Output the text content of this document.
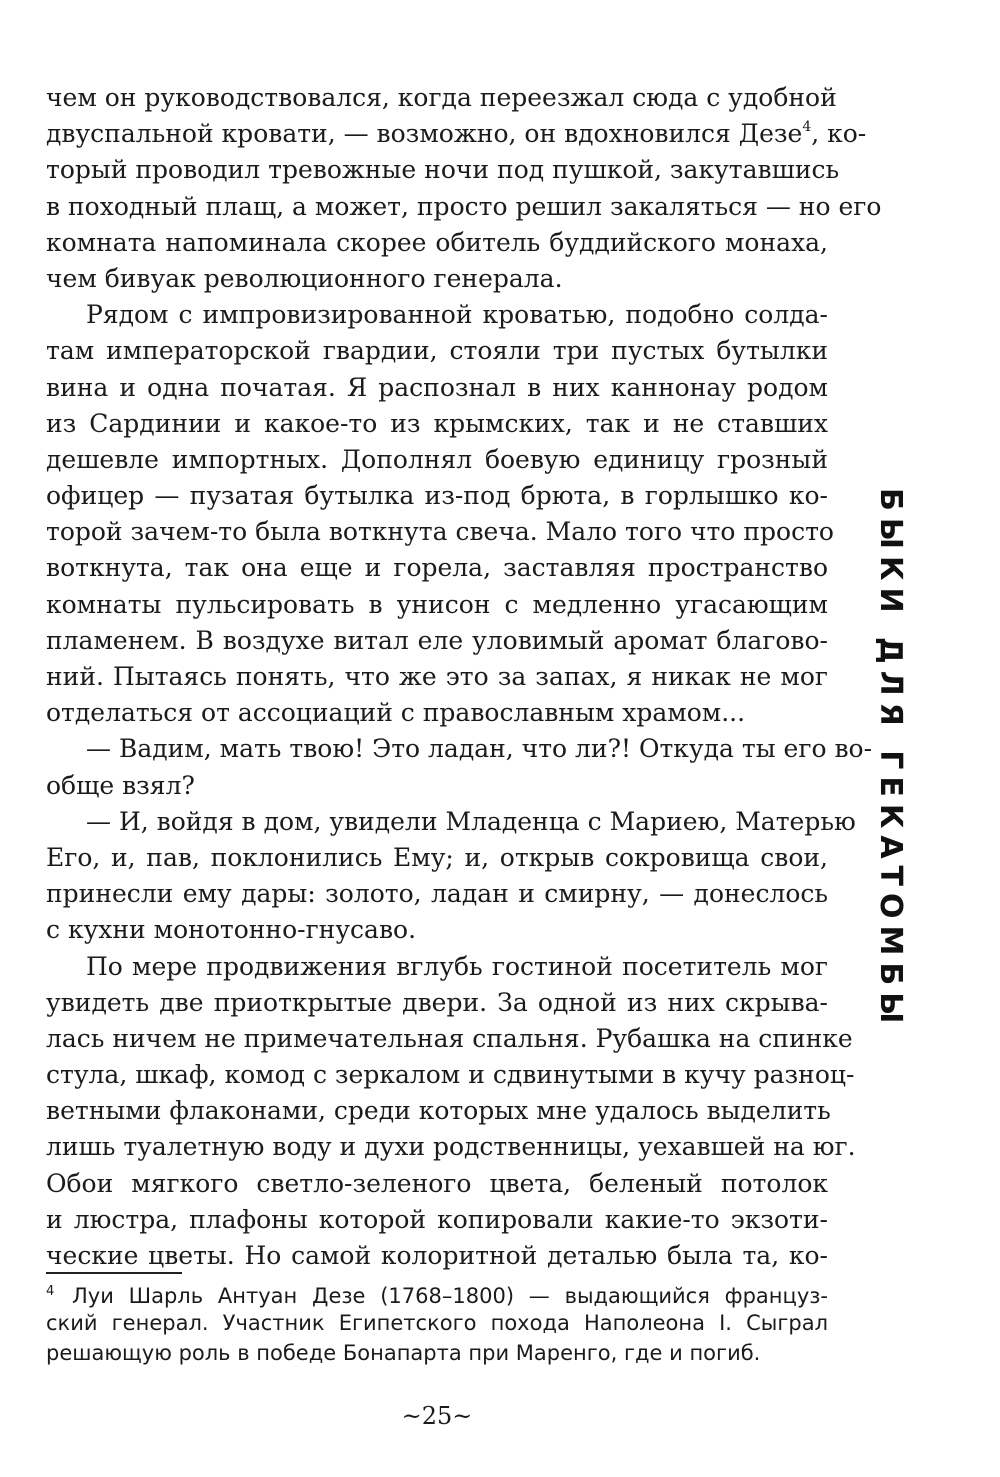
чем он руководствовался, когда переезжал сюда с удобной
двуспальной кровати, — возможно, он вдохновился Дезе$^4$, ко-
торый проводил тревожные ночи под пушкой, закутавшись
в походный плащ, а может, просто решил закаляться — но его
комната напоминала скорее обитель буддийского монаха,
чем бивуак революционного генерала.
Рядом с импровизированной кроватью, подобно солда-
там императорской гвардии, стояли три пустых бутылки
вина и одна початая. Я распознал в них каннонау родом
из Сардинии и какое-то из крымских, так и не ставших
дешевле импортных. Дополнял боевую единицу грозный
офицер — пузатая бутылка из-под брюта, в горлышко ко-
торой зачем-то была воткнута свеча. Мало того что просто
воткнута, так она еще и горела, заставляя пространство
комнаты пульсировать в унисон с медленно угасающим
пламенем. В воздухе витал еле уловимый аромат благово-
ний. Пытаясь понять, что же это за запах, я никак не мог
отделаться от ассоциаций с православным храмом...
— Вадим, мать твою! Это ладан, что ли?! Откуда ты его во-
обще взял?
— И, войдя в дом, увидели Младенца с Мариею, Матерью
Его, и, пав, поклонились Ему; и, открыв сокровища свои,
принесли ему дары: золото, ладан и смирну, — донеслось
с кухни монотонно-гнусаво.
По мере продвижения вглубь гостиной посетитель мог
увидеть две приоткрытые двери. За одной из них скрыва-
лась ничем не примечательная спальня. Рубашка на спинке
стула, шкаф, комод с зеркалом и сдвинутыми в кучу разноц-
ветными флаконами, среди которых мне удалось выделить
лишь туалетную воду и духи родственницы, уехавшей на юг.
Обои мягкого светло-зеленого цвета, беленый потолок
и люстра, плафоны которой копировали какие-то экзоти-
ческие цветы. Но самой колоритной деталью была та, ко-
4 Луи Шарль Антуан Дезе (1768–1800) — выдающийся француз-
ский генерал. Участник Египетского похода Наполеона I. Сыграл
решающую роль в победе Бонапарта при Маренго, где и погиб.
~25~
БЫКИ ДЛЯ ГЕКАТОМБЫ
